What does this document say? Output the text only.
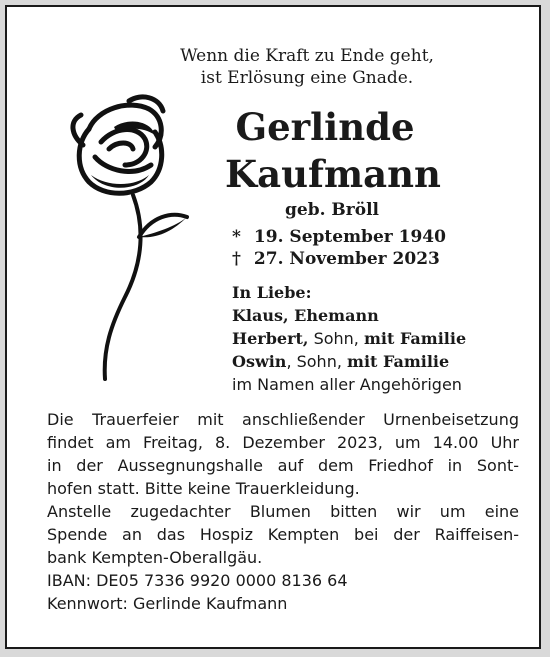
Wenn die Kraft zu Ende geht,
ist Erlösung eine Gnade.
Gerlinde
Kaufmann
geb. Bröll
* 19. September 1940
† 27. November 2023
In Liebe:
Klaus, Ehemann
Herbert, Sohn, mit Familie
Oswin, Sohn, mit Familie
im Namen aller Angehörigen
Die Trauerfeier mit anschließender Urnenbeisetzung
findet am Freitag, 8. Dezember 2023, um 14.00 Uhr
in der Aussegnungshalle auf dem Friedhof in Sont-
hofen statt. Bitte keine Trauerkleidung.
Anstelle zugedachter Blumen bitten wir um eine
Spende an das Hospiz Kempten bei der Raiffeisen-
bank Kempten-Oberallgäu.
IBAN: DE05 7336 9920 0000 8136 64
Kennwort: Gerlinde Kaufmann
